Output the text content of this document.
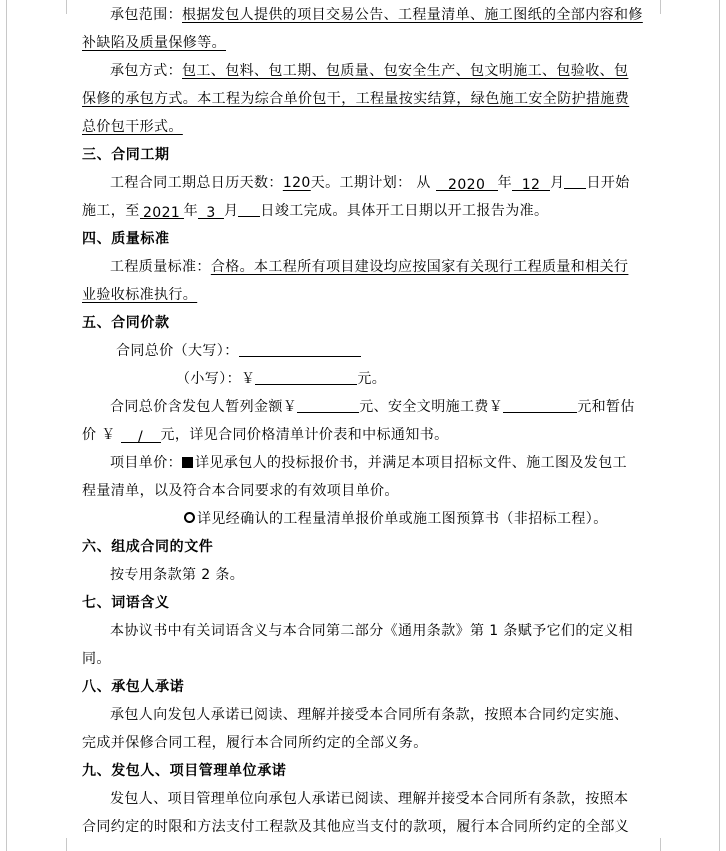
承包范围：根据发包人提供的项目交易公告、工程量清单、施工图纸的全部内容和修
补缺陷及质量保修等。
承包方式：包工、包料、包工期、包质量、包安全生产、包文明施工、包验收、包
保修的承包方式。本工程为综合单价包干，工程量按实结算，绿色施工安全防护措施费
总价包干形式。
三、合同工期
工程合同工期总日历天数：120天。工期计划： 从 2020 年 12 月 日开始
施工，至 2021 年 3 月 日竣工完成。具体开工日期以开工报告为准。
四、质量标准
工程质量标准：合格。本工程所有项目建设均应按国家有关现行工程质量和相关行
业验收标准执行。
五、合同价款
合同总价（大写）：
（小写）：￥	元。
合同总价含发包人暂列金额￥	元、安全文明施工费￥	元和暂估
价 ￥ / 元，详见合同价格清单计价表和中标通知书。
项目单价： 详见承包人的投标报价书，并满足本项目招标文件、施工图及发包工
程量清单，以及符合本合同要求的有效项目单价。
详见经确认的工程量清单报价单或施工图预算书（非招标工程）。
六、组成合同的文件
按专用条款第 2 条。
七、词语含义
本协议书中有关词语含义与本合同第二部分《通用条款》第 1 条赋予它们的定义相
同。
八、承包人承诺
承包人向发包人承诺已阅读、理解并接受本合同所有条款，按照本合同约定实施、
完成并保修合同工程，履行本合同所约定的全部义务。
九、发包人、项目管理单位承诺
发包人、项目管理单位向承包人承诺已阅读、理解并接受本合同所有条款，按照本
合同约定的时限和方法支付工程款及其他应当支付的款项，履行本合同所约定的全部义
